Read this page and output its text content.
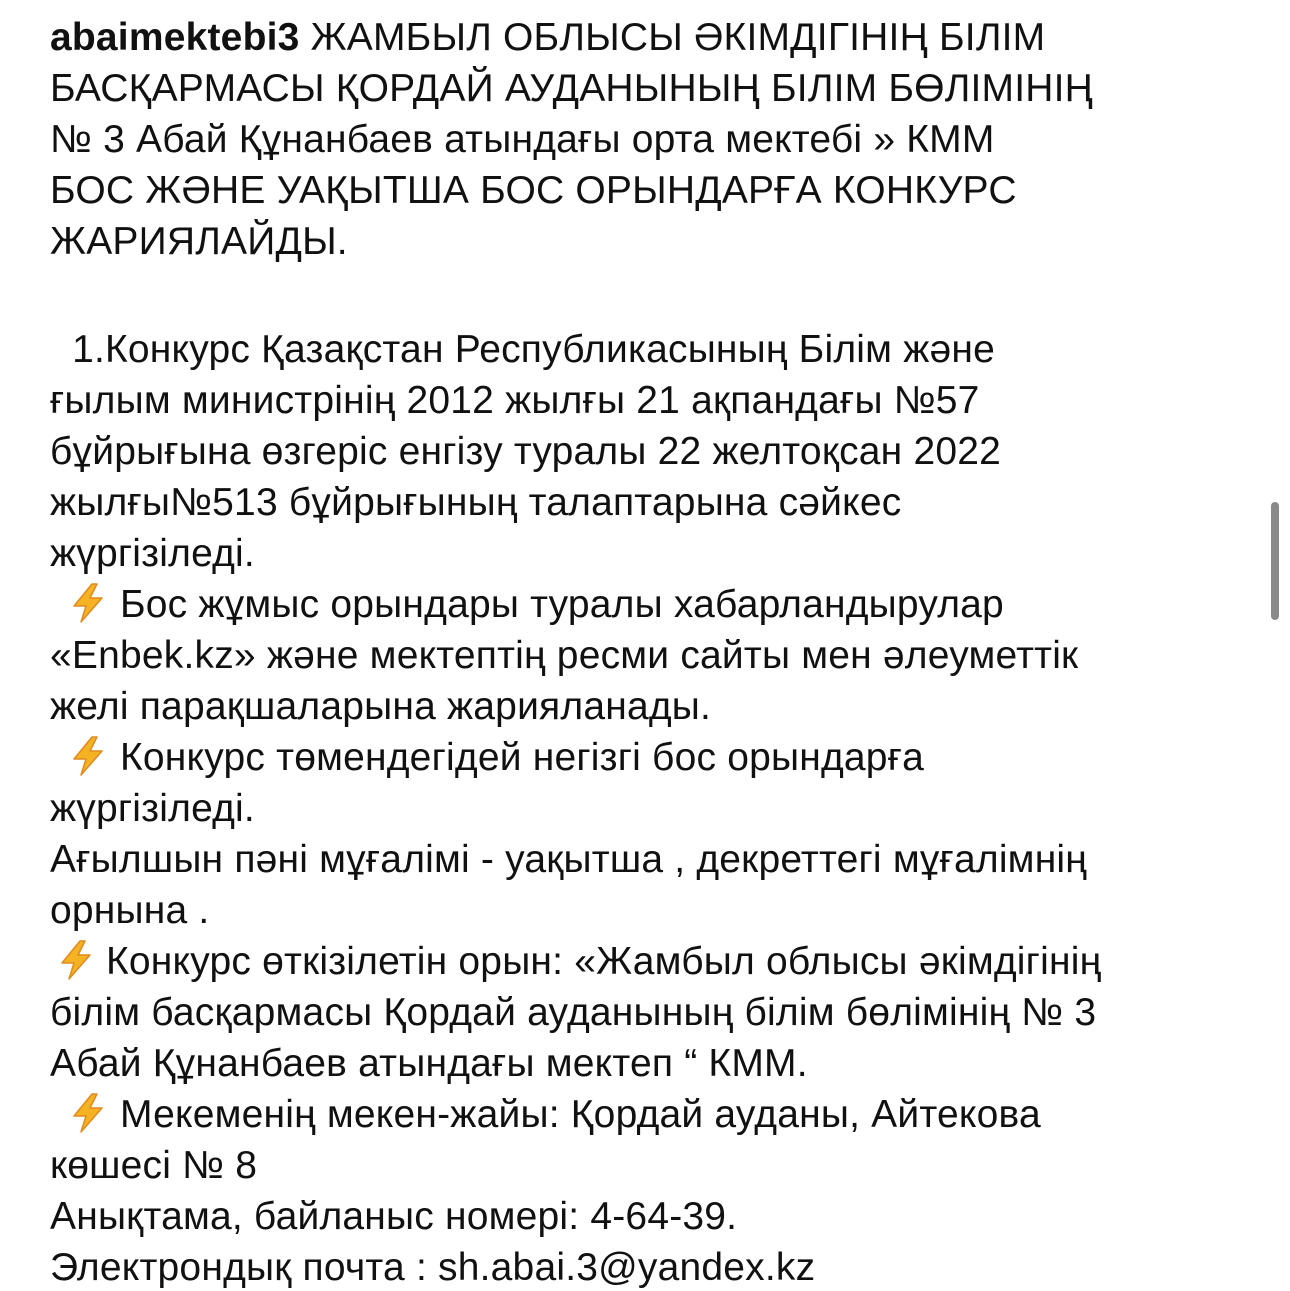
abaimektebi3 ЖАМБЫЛ ОБЛЫСЫ ӘКІМДІГІНІҢ БІЛІМ
БАСҚАРМАСЫ ҚОРДАЙ АУДАНЫНЫҢ БІЛІМ БӨЛІМІНІҢ
№ 3 Абай Құнанбаев атындағы орта мектебі » КММ
БОС ЖӘНЕ УАҚЫТША БОС ОРЫНДАРҒА КОНКУРС
ЖАРИЯЛАЙДЫ.
1.Конкурс Қазақстан Республикасының Білім және
ғылым министрінің 2012 жылғы 21 ақпандағы №57
бұйрығына өзгеріс енгізу туралы 22 желтоқсан 2022
жылғы№513 бұйрығының талаптарына сәйкес
жүргізіледі.
Бос жұмыс орындары туралы хабарландырулар
«Enbek.kz» және мектептің ресми сайты мен әлеуметтік
желі парақшаларына жарияланады.
Конкурс төмендегідей негізгі бос орындарға
жүргізіледі.
Ағылшын пәні мұғалімі - уақытша , декреттегі мұғалімнің
орнына .
Конкурс өткізілетін орын: «Жамбыл облысы әкімдігінің
білім басқармасы Қордай ауданының білім бөлімінің № 3
Абай Құнанбаев атындағы мектеп “ КММ.
Мекеменің мекен-жайы: Қордай ауданы, Айтекова
көшесі № 8
Анықтама, байланыс номері: 4-64-39.
Электрондық почта : sh.abai.3@yandex.kz
